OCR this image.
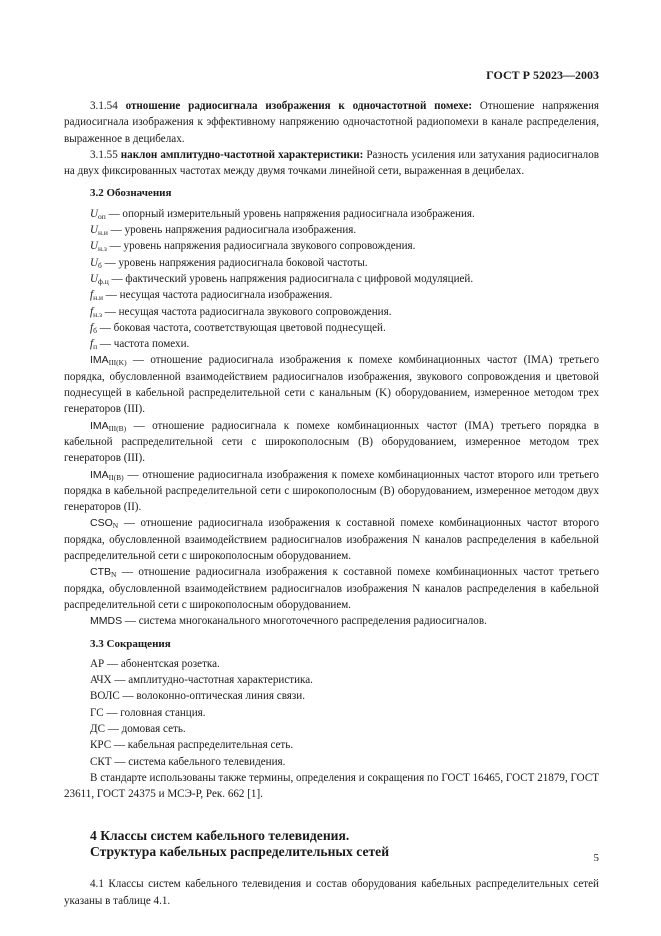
ГОСТ Р 52023—2003

3.1.54 отношение радиосигнала изображения к одночастотной помехе: Отношение напряжения радиосигнала изображения к эффективному напряжению одночастотной радиопомехи в канале распределения, выраженное в децибелах.

3.1.55 наклон амплитудно-частотной характеристики: Разность усиления или затухания радиосигналов на двух фиксированных частотах между двумя точками линейной сети, выраженная в децибелах.

3.2 Обозначения

$U_{оп}$ — опорный измерительный уровень напряжения радиосигнала изображения.

$U_{н.и}$ — уровень напряжения радиосигнала изображения.

$U_{н.з}$ — уровень напряжения радиосигнала звукового сопровождения.

$U_б$ — уровень напряжения радиосигнала боковой частоты.

$U_{ф.ц}$ — фактический уровень напряжения радиосигнала с цифровой модуляцией.

$f_{н.и}$ — несущая частота радиосигнала изображения.

$f_{н.з}$ — несущая частота радиосигнала звукового сопровождения.

$f_б$ — боковая частота, соответствующая цветовой поднесущей.

$f_п$ — частота помехи.

$IMA_{III(K)}$ — отношение радиосигнала изображения к помехе комбинационных частот (IMA) третьего порядка, обусловленной взаимодействием радиосигналов изображения, звукового сопровождения и цветовой поднесущей в кабельной распределительной сети с канальным (K) оборудованием, измеренное методом трех генераторов (III).

$IMA_{III(B)}$ — отношение радиосигнала к помехе комбинационных частот (IMA) третьего порядка в кабельной распределительной сети с широкополосным (B) оборудованием, измеренное методом трех генераторов (III).

$IMA_{II(B)}$ — отношение радиосигнала изображения к помехе комбинационных частот второго или третьего порядка в кабельной распределительной сети с широкополосным (B) оборудованием, измеренное методом двух генераторов (II).

$CSO_N$ — отношение радиосигнала изображения к составной помехе комбинационных частот второго порядка, обусловленной взаимодействием радиосигналов изображения N каналов распределения в кабельной распределительной сети с широкополосным оборудованием.

$CTB_N$ — отношение радиосигнала изображения к составной помехе комбинационных частот третьего порядка, обусловленной взаимодействием радиосигналов изображения N каналов распределения в кабельной распределительной сети с широкополосным оборудованием.

MMDS — система многоканального многоточечного распределения радиосигналов.

3.3 Сокращения

АР — абонентская розетка.

АЧХ — амплитудно-частотная характеристика.

ВОЛС — волоконно-оптическая линия связи.

ГС — головная станция.

ДС — домовая сеть.

КРС — кабельная распределительная сеть.

СКТ — система кабельного телевидения.

В стандарте использованы также термины, определения и сокращения по ГОСТ 16465, ГОСТ 21879, ГОСТ 23611, ГОСТ 24375 и МСЭ-Р, Рек. 662 [1].

4 Классы систем кабельного телевидения.
Структура кабельных распределительных сетей

4.1 Классы систем кабельного телевидения и состав оборудования кабельных распределительных сетей указаны в таблице 4.1.

5
